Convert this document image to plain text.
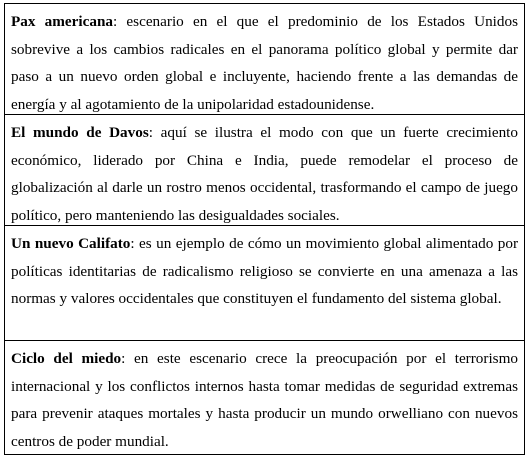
Pax americana: escenario en el que el predominio de los Estados Unidos sobrevive a los cambios radicales en el panorama político global y permite dar paso a un nuevo orden global e incluyente, haciendo frente a las demandas de energía y al agotamiento de la unipolaridad estadounidense.
El mundo de Davos: aquí se ilustra el modo con que un fuerte crecimiento económico, liderado por China e India, puede remodelar el proceso de globalización al darle un rostro menos occidental, trasformando el campo de juego político, pero manteniendo las desigualdades sociales.
Un nuevo Califato: es un ejemplo de cómo un movimiento global alimentado por políticas identitarias de radicalismo religioso se convierte en una amenaza a las normas y valores occidentales que constituyen el fundamento del sistema global.
Ciclo del miedo: en este escenario crece la preocupación por el terrorismo internacional y los conflictos internos hasta tomar medidas de seguridad extremas para prevenir ataques mortales y hasta producir un mundo orwelliano con nuevos centros de poder mundial.
